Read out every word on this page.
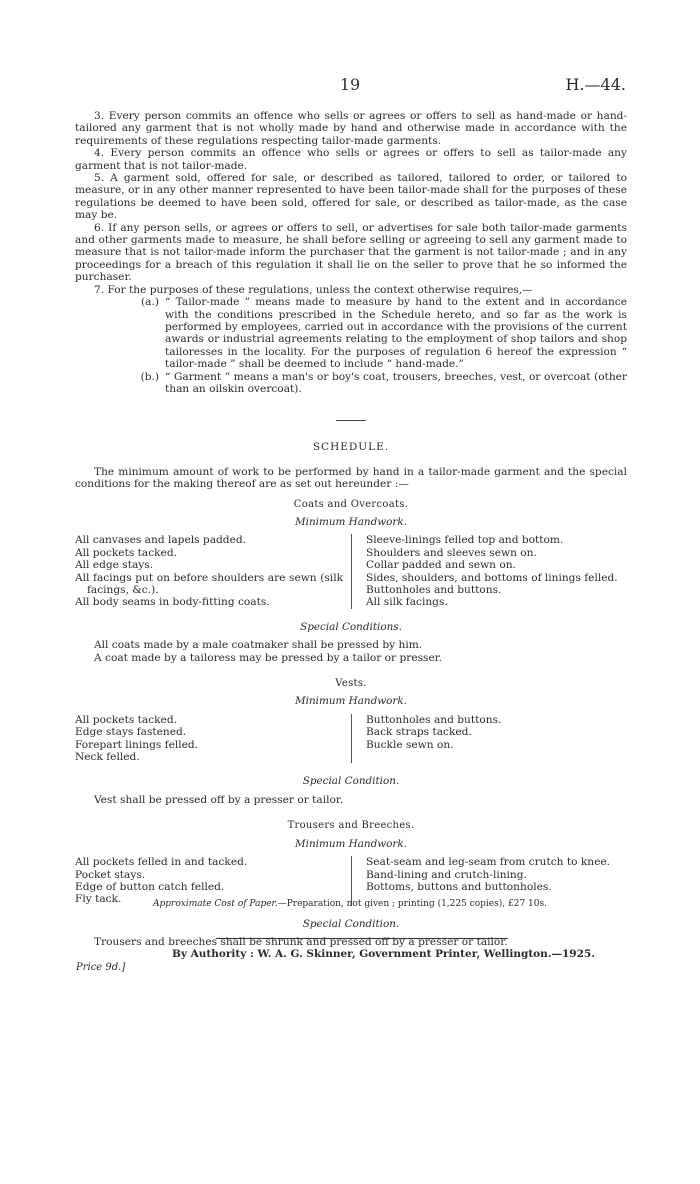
19	H.—44.

3. Every person commits an offence who sells or agrees or offers to sell as hand-made or hand-tailored any garment that is not wholly made by hand and otherwise made in accordance with the requirements of these regulations respecting tailor-made garments.

4. Every person commits an offence who sells or agrees or offers to sell as tailor-made any garment that is not tailor-made.

5. A garment sold, offered for sale, or described as tailored, tailored to order, or tailored to measure, or in any other manner represented to have been tailor-made shall for the purposes of these regulations be deemed to have been sold, offered for sale, or described as tailor-made, as the case may be.

6. If any person sells, or agrees or offers to sell, or advertises for sale both tailor-made garments and other garments made to measure, he shall before selling or agreeing to sell any garment made to measure that is not tailor-made inform the purchaser that the garment is not tailor-made ; and in any proceedings for a breach of this regulation it shall lie on the seller to prove that he so informed the purchaser.

7. For the purposes of these regulations, unless the context otherwise requires,—

(a.) “ Tailor-made ” means made to measure by hand to the extent and in accordance with the conditions prescribed in the Schedule hereto, and so far as the work is performed by employees, carried out in accordance with the provisions of the current awards or industrial agreements relating to the employment of shop tailors and shop tailoresses in the locality. For the purposes of regulation 6 hereof the expression “ tailor-made ” shall be deemed to include “ hand-made.”
(b.) “ Garment ” means a man's or boy's coat, trousers, breeches, vest, or overcoat (other than an oilskin overcoat).

SCHEDULE.

The minimum amount of work to be performed by hand in a tailor-made garment and the special conditions for the making thereof are as set out hereunder :—

Coats and Overcoats.

Minimum Handwork.

All canvases and lapels padded.

All pockets tacked.

All edge stays.

All facings put on before shoulders are sewn (silk facings, &c.).

All body seams in body-fitting coats.

Sleeve-linings felled top and bottom.

Shoulders and sleeves sewn on.

Collar padded and sewn on.

Sides, shoulders, and bottoms of linings felled.

Buttonholes and buttons.

All silk facings.

Special Conditions.

All coats made by a male coatmaker shall be pressed by him.

A coat made by a tailoress may be pressed by a tailor or presser.

Vests.

Minimum Handwork.

All pockets tacked.

Edge stays fastened.

Forepart linings felled.

Neck felled.

Buttonholes and buttons.

Back straps tacked.

Buckle sewn on.

Special Condition.

Vest shall be pressed off by a presser or tailor.

Trousers and Breeches.

Minimum Handwork.

All pockets felled in and tacked.

Pocket stays.

Edge of button catch felled.

Fly tack.

Seat-seam and leg-seam from crutch to knee.

Band-lining and crutch-lining.

Bottoms, buttons and buttonholes.

Special Condition.

Trousers and breeches shall be shrunk and pressed off by a presser or tailor.

Approximate Cost of Paper.—Preparation, not given ; printing (1,225 copies), £27 10s.
By Authority : W. A. G. Skinner, Government Printer, Wellington.—1925.
Price 9d.]
